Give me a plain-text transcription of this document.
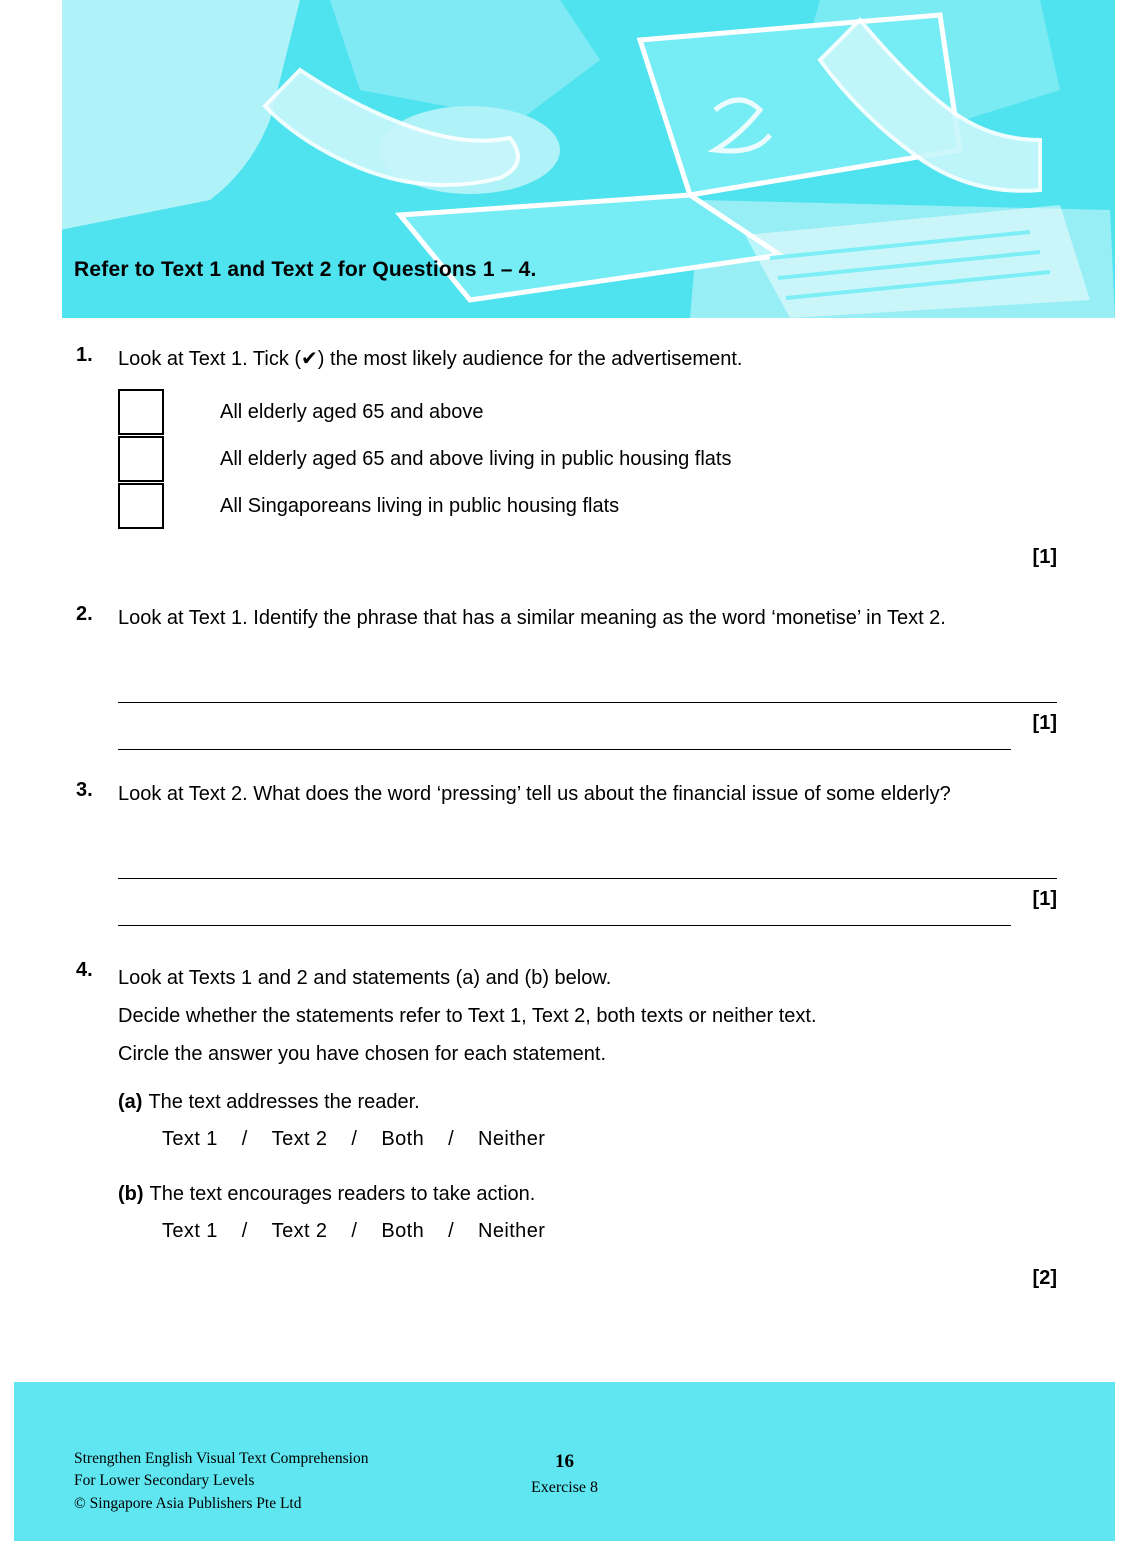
Refer to Text 1 and Text 2 for Questions 1 – 4.
1. Look at Text 1. Tick (✔) the most likely audience for the advertisement.
All elderly aged 65 and above
All elderly aged 65 and above living in public housing flats
All Singaporeans living in public housing flats
[1]
2. Look at Text 1. Identify the phrase that has a similar meaning as the word ‘monetise’ in Text 2.
[1]
3. Look at Text 2. What does the word ‘pressing’ tell us about the financial issue of some elderly?
[1]
4. Look at Texts 1 and 2 and statements (a) and (b) below.
Decide whether the statements refer to Text 1, Text 2, both texts or neither text.
Circle the answer you have chosen for each statement.
(a) The text addresses the reader.
Text 1 / Text 2 / Both / Neither
(b) The text encourages readers to take action.
Text 1 / Text 2 / Both / Neither
[2]
Strengthen English Visual Text Comprehension
For Lower Secondary Levels
© Singapore Asia Publishers Pte Ltd
16
Exercise 8
